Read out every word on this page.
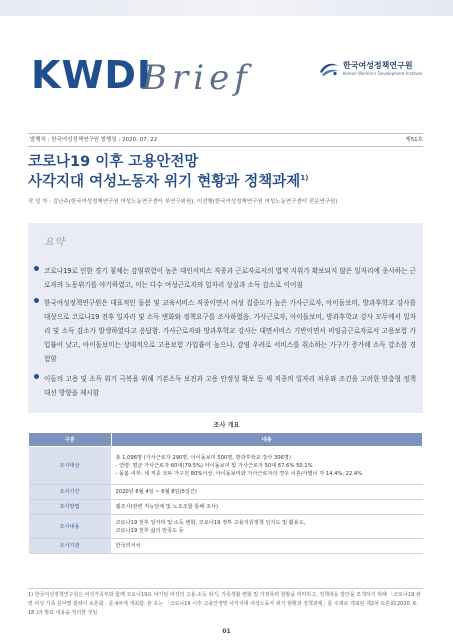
KWDI
Brief	한국여성정책연구원
Korean Women's Development Institute
발행처 : 한국여성정책연구원 발행일 : 2020. 07. 22	제51호
코로나19 이후 고용안전망
사각지대 여성노동자 위기 현황과 정책과제$^{1)}$
작 성 자 : 김난주(한국여성정책연구원 여성노동연구센터 부연구위원), 이선행(한국여성정책연구원 여성노동연구센터 전문연구원)
요약
코로나19로 인한 경기 침체는 감염위험이 높은 대인서비스 직종과 근로자로서의 법적 지위가 확보되지 않은 일자리에 종사하는 근로자의 노동위기를 야기하였고, 이는 다수 여성근로자의 일자리 상실과 소득 감소로 이어짐
한국여성정책연구원은 대표적인 돌봄 및 교육서비스 직종이면서 여성 집중도가 높은 가사근로자, 아이돌보미, 방과후학교 강사를 대상으로 코로나19 전후 일자리 및 소득 변화와 정책요구를 조사하였음. 가사근로자, 아이돌보미, 방과후학교 강사 모두에서 일자리 및 소득 감소가 발생하였다고 응답함. 가사근로자와 방과후학교 강사는 대면서비스 기반이면서 비임금근로자로서 고용보험 가입률이 낮고, 아이돌보미는 상대적으로 고용보험 가입률이 높으나, 감염 우려로 서비스를 취소하는 가구가 증가해 소득 감소를 경험함
이들의 고용 및 소득 위기 극복을 위해 기본소득 보전과 고용 안정성 확보 등 세 직종의 일자리 처우와 조건을 고려한 맞춤형 정책대선 방향을 제시함
조사 개요
구분	내용
조사대상	총 1,096명 (가사근로자 290명, 아이돌보미 500명, 방과후학교 강사 306명)
- 연령: 평균 가사근로자 60대(79.5%) 아이돌보미 및 가사근로자 50대 67.6% 50.1%
- 돌봄 여부: 세 직종 모두 가구원 80%이상, 아이돌보미와 가사근로자의 경우 이혼/사별이 각 14.4%, 22.4%

조사기간	2020년 6월 4일 ~ 6월 8일(5일간)

조사방법	웹조사(관련 직능단체 및 노조조합 통해 조사)

조사내용	코로나19 전후 일자리 및 소득 변화, 코로나19 정부 고용지원정책 인지도 및 활용도,
코로나19 전후 삶의 만족도 등

조사기관	한국리서치
1) 한국여성정책연구원은 여성가족부와 함께 코로나19로 야기된 여성의 고용·소득 위기, 가족생활 변화 및 가정폭력 현황을 파악하고, 정책대응 방안을 모색하기 위해 「코로나19 관련 여성 가족 분야별 릴레이 토론회」를 4차에 개최함. 본 호는 「코로나19 이후 고용안정망 사각지대 여성노동자 위기 현황과 정책과제」를 주제로 개최된 제2차 토론회(2020. 6. 18.)의 발표 내용을 정리한 것임
01
